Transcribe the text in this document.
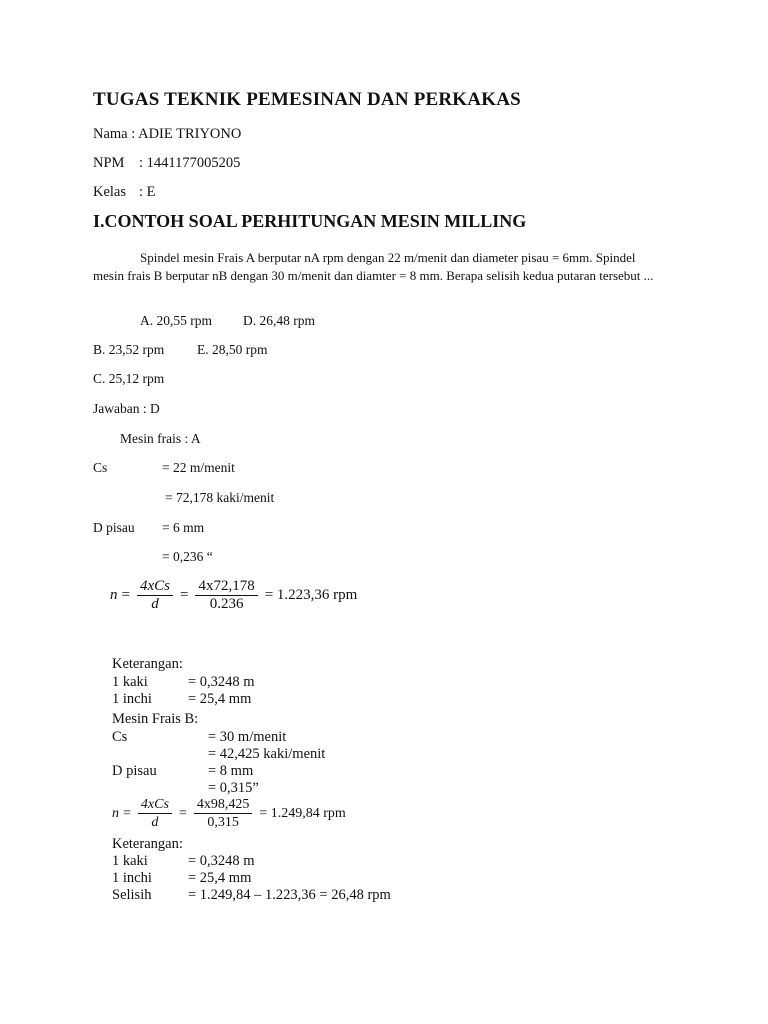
TUGAS TEKNIK PEMESINAN DAN PERKAKAS
Nama : ADIE TRIYONO
NPM : 1441177005205
Kelas : E
I.CONTOH SOAL PERHITUNGAN MESIN MILLING
Spindel mesin Frais A berputar nA rpm dengan 22 m/menit dan diameter pisau = 6mm. Spindel mesin frais B berputar nB dengan 30 m/menit dan diamter = 8 mm. Berapa selisih kedua putaran tersebut ...
A. 20,55 rpm D. 26,48 rpm
B. 23,52 rpm E. 28,50 rpm
C. 25,12 rpm
Jawaban : D
Mesin frais : A
Cs	= 22 m/menit
= 72,178 kaki/menit
D pisau = 6 mm
= 0,236 “
$n = \frac{\text{4xCs}}{d} = \frac{4x72,178}{0.236} = 1.223,36$ rpm
Keterangan:
1 kaki	= 0,3248 m
1 inchi = 25,4 mm
Mesin Frais B:
Cs	= 30 m/menit
= 42,425 kaki/menit
D pisau	= 8 mm
= 0,315”
$n = \frac{\text{4xCs}}{d} = \frac{4x98,425}{0,315} = 1.249,84$ rpm
Keterangan:
1 kaki	= 0,3248 m
1 inchi = 25,4 mm
Selisih	= 1.249,84 – 1.223,36 = 26,48 rpm
